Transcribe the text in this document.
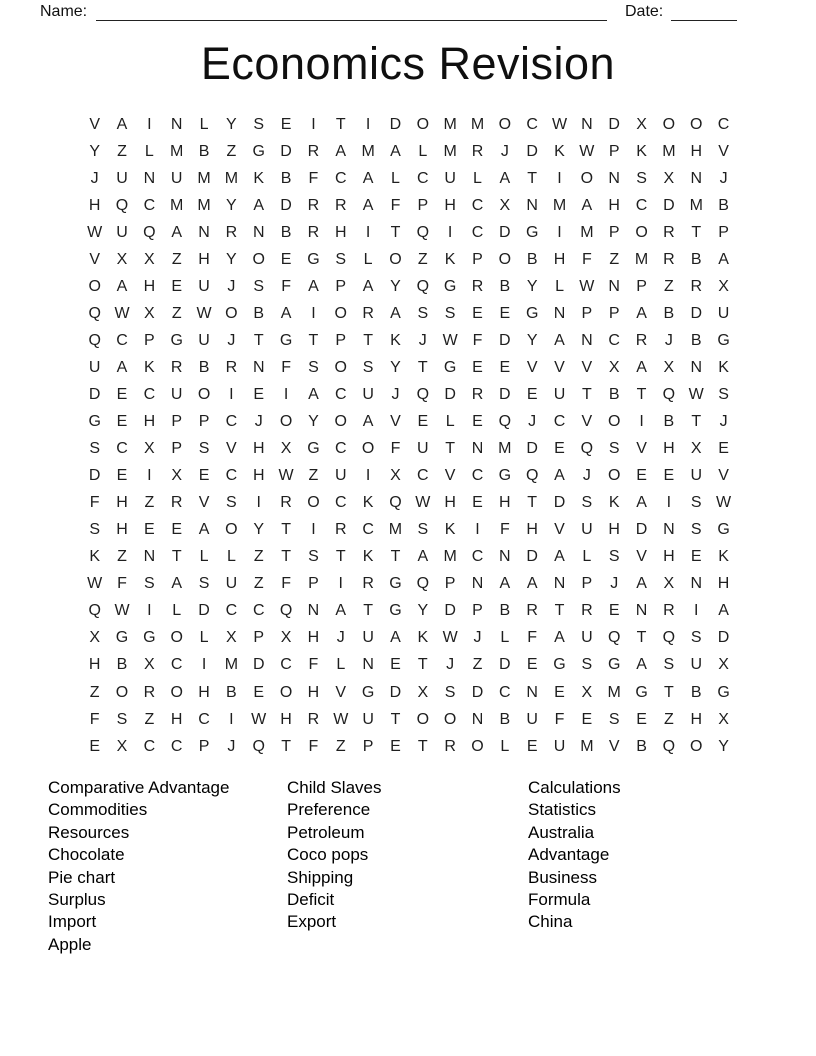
Name:	Date:
Economics Revision
V	A	I	N	L	Y	S	E	I	T	I	D O M M O C W N D	X O O C
Y	Z	L	M B	Z	G D R	A M A	L	M R	J	D	K W P	K M H	V
J	U N U M M K	B	F	C	A	L	C U	L	A	T	I	O N	S	X	N	J
H Q C M M Y	A	D R R	A	F	P	H C	X	N M A	H C D M B
W U Q A	N R N	B	R H	I	T	Q	I	C D G	I	M P O R	T	P
V	X	X	Z	H	Y O E G S	L	O	Z	K	P O B	H	F	Z M R	B	A
O A	H	E	U	J	S	F	A	P	A	Y Q G R	B	Y	L W N	P	Z	R	X
Q W X	Z W O B	A	I	O R	A	S	S	E	E G N	P	P	A	B	D U
Q C	P G U	J	T	G	T	P	T	K	J W F	D	Y	A	N C R	J	B G
U	A	K	R	B	R N	F	S O S	Y	T	G E	E	V	V	V	X	A	X	N	K
D	E	C U O	I	E	I	A	C U	J	Q D R D	E	U	T	B	T	Q W S
G E	H	P	P	C	J	O Y O A	V	E	L	E Q	J	C	V O	I	B	T	J
S	C	X	P	S	V	H	X G C O	F	U	T	N M D	E Q S	V	H	X	E
D	E	I	X	E	C H W Z	U	I	X	C	V	C G Q A	J	O E	E	U	V
F	H	Z	R	V	S	I	R O C	K Q W H	E	H	T	D	S	K	A	I	S W
S	H	E	E	A O Y	T	I	R C M S	K	I	F	H	V	U H D N	S G
K	Z	N	T	L	L	Z	T	S	T	K	T	A M C N D	A	L	S	V	H	E	K
W F	S	A	S	U	Z	F	P	I	R G Q P	N	A	A	N	P	J	A	X	N H
Q W	I	L	D C C Q N	A	T	G Y	D	P	B	R	T	R	E	N R	I	A
X G G O	L	X	P	X	H	J	U	A	K W J	L	F	A	U Q	T	Q S	D
H	B	X	C	I	M D C	F	L	N	E	T	J	Z	D	E G S G A	S	U	X
Z	O R O H	B	E O H	V G D	X	S	D C N	E	X M G	T	B G
F	S	Z	H C	I	W H R W U	T	O O N	B	U	F	E	S	E	Z	H	X
E	X	C C	P	J	Q	T	F	Z	P	E	T	R O	L	E	U M V	B Q O Y
Comparative Advantage
Commodities
Resources
Chocolate
Pie chart
Surplus
Import
Apple
Child Slaves
Preference
Petroleum
Coco pops
Shipping
Deficit
Export
Calculations
Statistics
Australia
Advantage
Business
Formula
China
